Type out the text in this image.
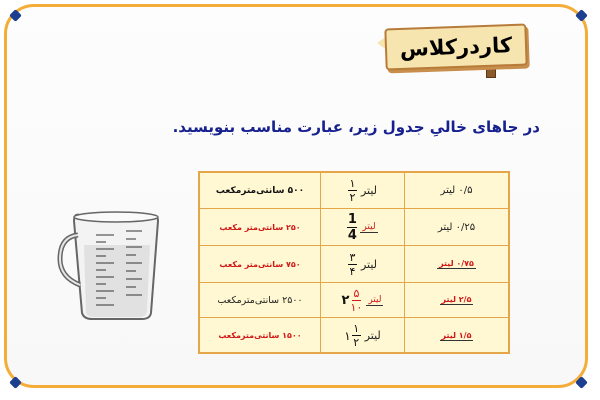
کاردرکلاس
در جاهای خالیِ جدول زیر، عبارت مناسب بنویسید.
۵۰۰ سانتی‌مترمکعب	$\frac{۱}{۲}$ لیتر	۰/۵ لیتر
۲۵۰ سانتی‌متر مکعب	$\frac{1}{4}$ لیتر	۰/۲۵ لیتر
۷۵۰ سانتی‌متر مکعب	$\frac{۳}{۴}$ لیتر	۰/۷۵ لیتر
۲۵۰۰ سانتی‌مترمکعب	۲ $\frac{۵}{۱۰}$ لیتر	۲/۵ لیتر
۱۵۰۰ سانتی‌مترمکعب	۱ $\frac{۱}{۲}$ لیتر	۱/۵ لیتر
